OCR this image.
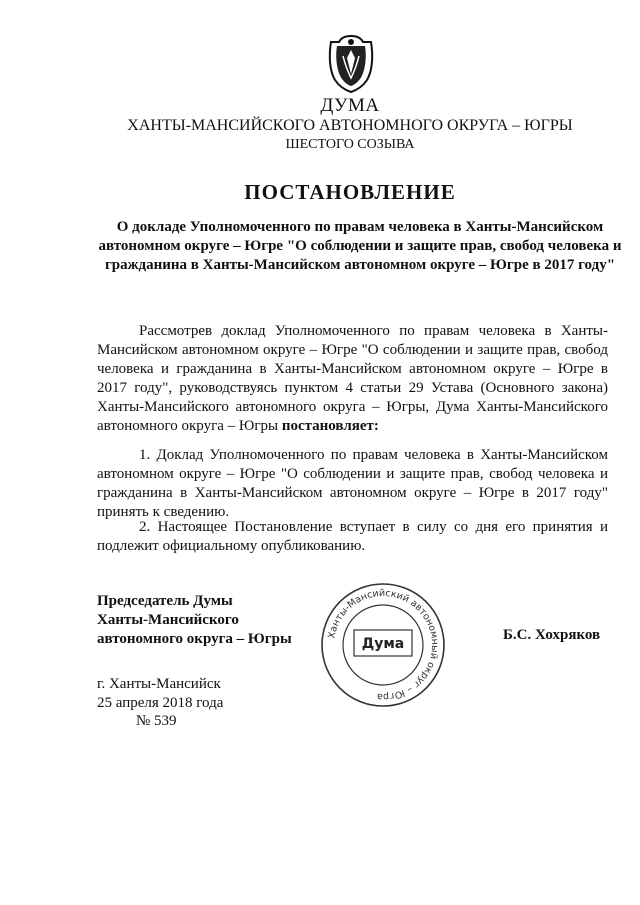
ДУМА
ХАНТЫ-МАНСИЙСКОГО АВТОНОМНОГО ОКРУГА – ЮГРЫ
ШЕСТОГО СОЗЫВА
ПОСТАНОВЛЕНИЕ
О докладе Уполномоченного по правам человека в Ханты-Мансийском автономном округе – Югре "О соблюдении и защите прав, свобод человека и гражданина в Ханты-Мансийском автономном округе – Югре в 2017 году"
Рассмотрев доклад Уполномоченного по правам человека в Ханты-Мансийском автономном округе – Югре "О соблюдении и защите прав, свобод человека и гражданина в Ханты-Мансийском автономном округе – Югре в 2017 году", руководствуясь пунктом 4 статьи 29 Устава (Основного закона) Ханты-Мансийского автономного округа – Югры, Дума Ханты-Мансийского автономного округа – Югры постановляет:
1. Доклад Уполномоченного по правам человека в Ханты-Мансийском автономном округе – Югре "О соблюдении и защите прав, свобод человека и гражданина в Ханты-Мансийском автономном округе – Югре в 2017 году" принять к сведению.
2. Настоящее Постановление вступает в силу со дня его принятия и подлежит официальному опубликованию.
Председатель Думы
Ханты-Мансийского
автономного округа – Югры	Ханты-Мансийский автономный округ – Югра
Дума
Б.С. Хохряков
г. Ханты-Мансийск
25 апреля 2018 года
№ 539
